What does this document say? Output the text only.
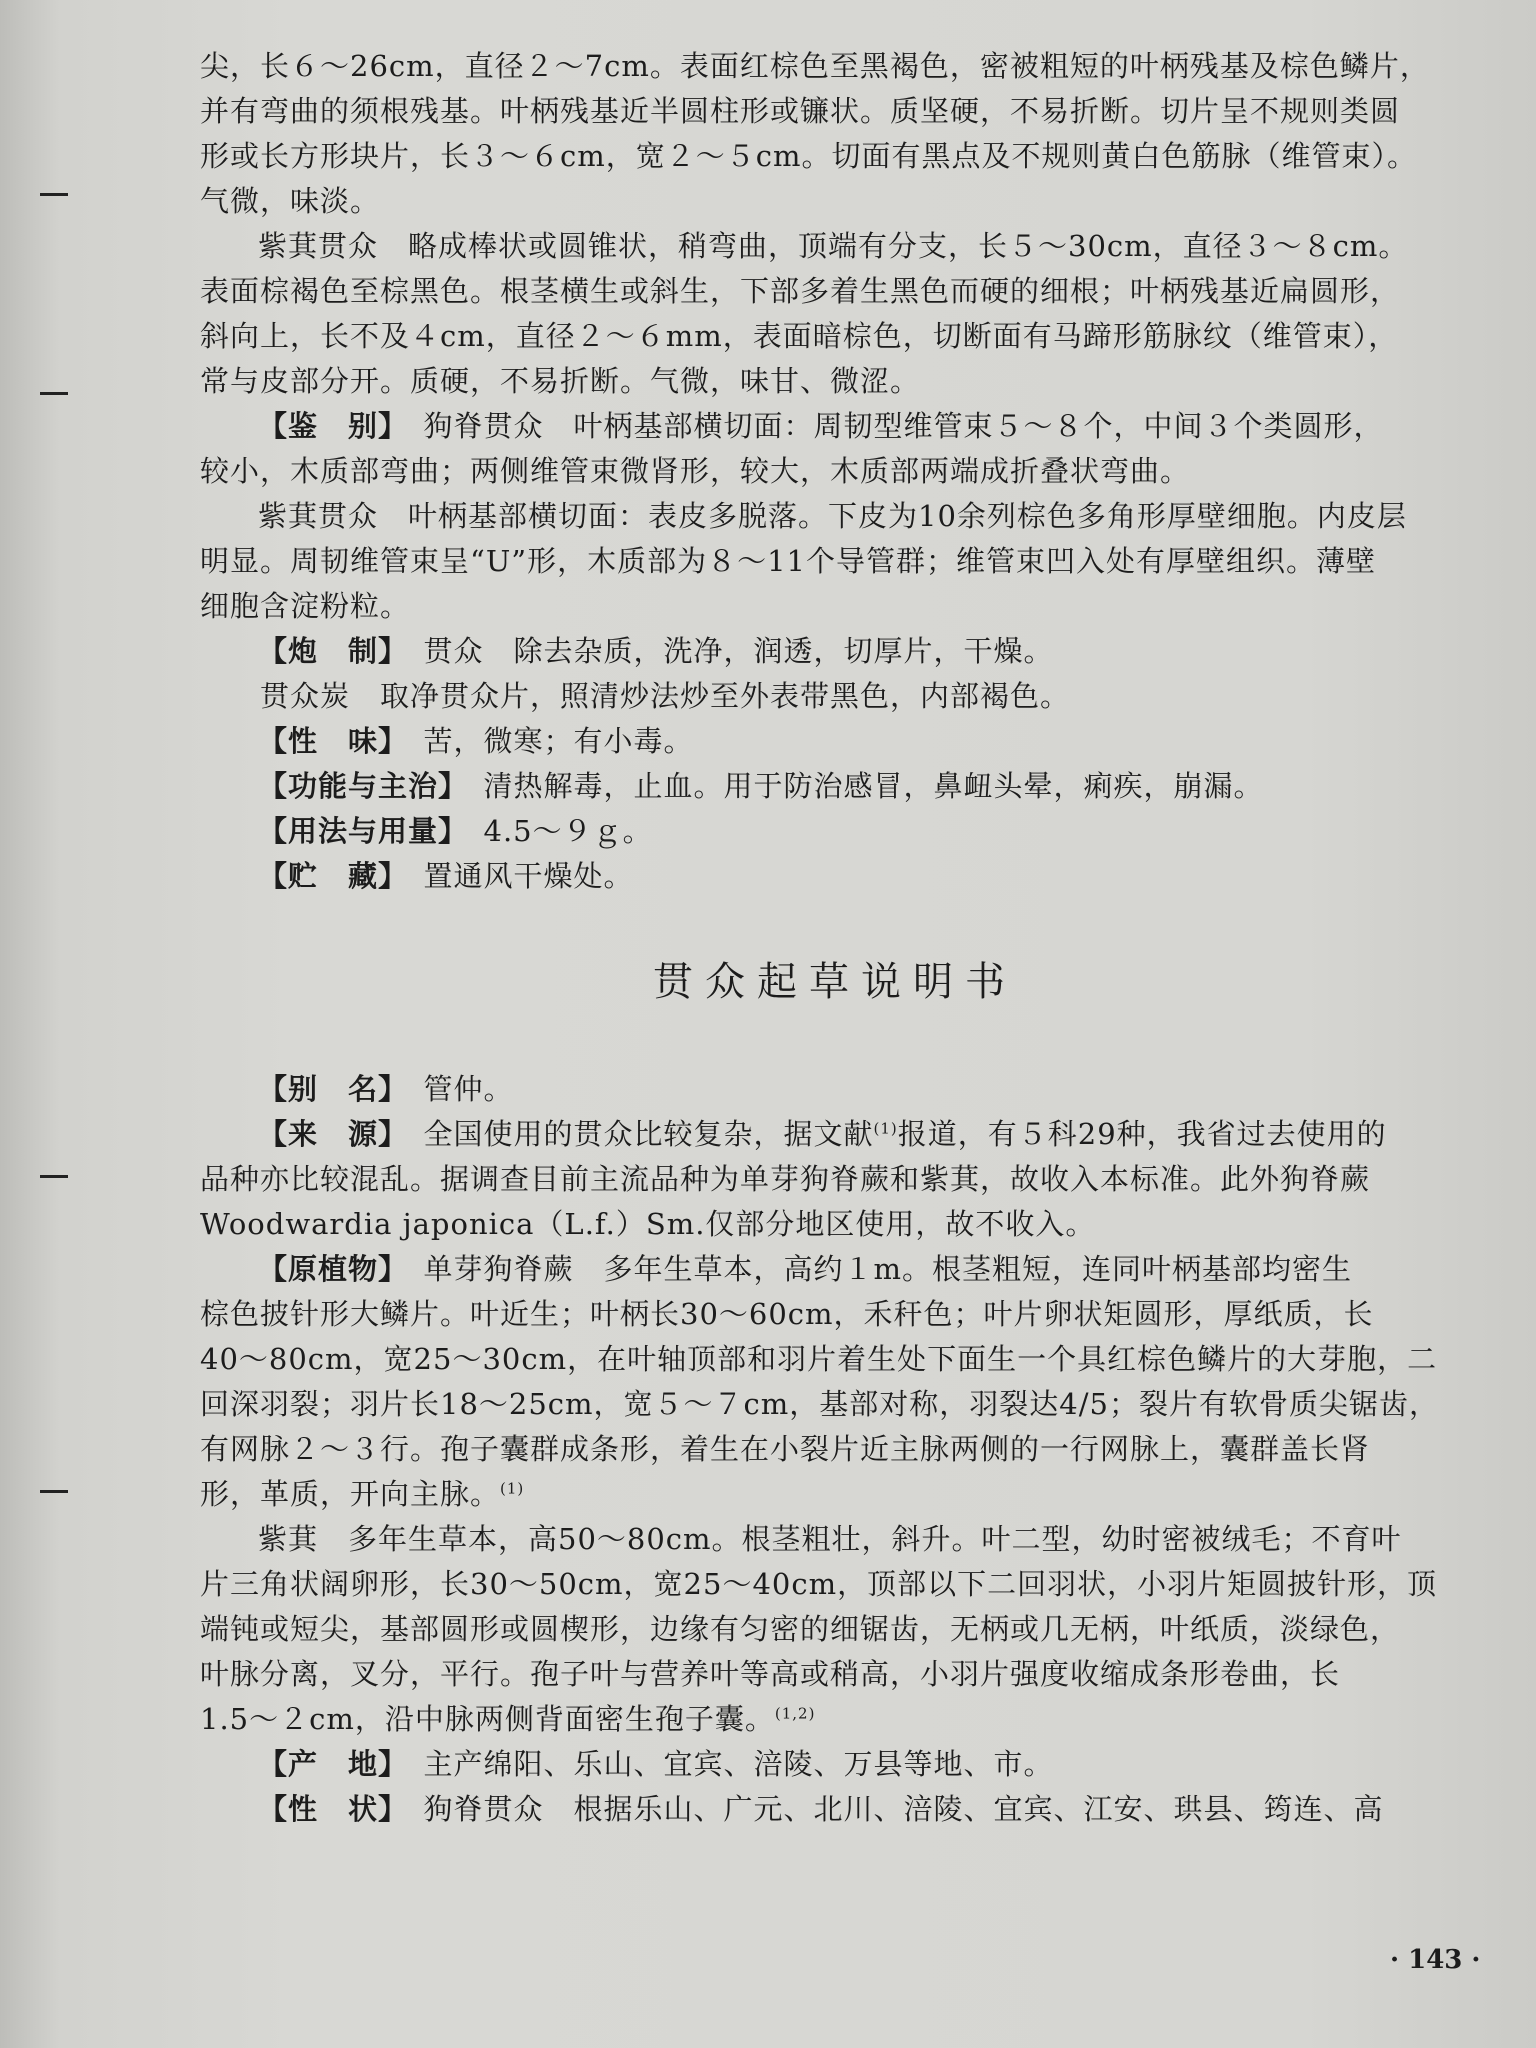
尖，长６～26cm，直径２～7cm。表面红棕色至黑褐色，密被粗短的叶柄残基及棕色鳞片，

并有弯曲的须根残基。叶柄残基近半圆柱形或镰状。质坚硬，不易折断。切片呈不规则类圆

形或长方形块片，长３～６cm，宽２～５cm。切面有黑点及不规则黄白色筋脉（维管束）。

气微，味淡。

紫萁贯众　略成棒状或圆锥状，稍弯曲，顶端有分支，长５～30cm，直径３～８cm。

表面棕褐色至棕黑色。根茎横生或斜生，下部多着生黑色而硬的细根；叶柄残基近扁圆形，

斜向上，长不及４cm，直径２～６mm，表面暗棕色，切断面有马蹄形筋脉纹（维管束），

常与皮部分开。质硬，不易折断。气微，味甘、微涩。

【鉴　别】　狗脊贯众　叶柄基部横切面：周韧型维管束５～８个，中间３个类圆形，

较小，木质部弯曲；两侧维管束微肾形，较大，木质部两端成折叠状弯曲。

紫萁贯众　叶柄基部横切面：表皮多脱落。下皮为10余列棕色多角形厚壁细胞。内皮层

明显。周韧维管束呈“U”形，木质部为８～11个导管群；维管束凹入处有厚壁组织。薄壁

细胞含淀粉粒。

【炮　制】　贯众　除去杂质，洗净，润透，切厚片，干燥。

贯众炭　取净贯众片，照清炒法炒至外表带黑色，内部褐色。

【性　味】　苦，微寒；有小毒。

【功能与主治】　清热解毒，止血。用于防治感冒，鼻衄头晕，痢疾，崩漏。

【用法与用量】　4.5～９ｇ。

【贮　藏】　置通风干燥处。

贯众起草说明书

【别　名】　管仲。

【来　源】　全国使用的贯众比较复杂，据文献$^{(1)}$报道，有５科29种，我省过去使用的

品种亦比较混乱。据调查目前主流品种为单芽狗脊蕨和紫萁，故收入本标准。此外狗脊蕨

Woodwardia japonica（L.f.）Sm.仅部分地区使用，故不收入。

【原植物】　单芽狗脊蕨　多年生草本，高约１m。根茎粗短，连同叶柄基部均密生

棕色披针形大鳞片。叶近生；叶柄长30～60cm，禾秆色；叶片卵状矩圆形，厚纸质，长

40～80cm，宽25～30cm，在叶轴顶部和羽片着生处下面生一个具红棕色鳞片的大芽胞，二

回深羽裂；羽片长18～25cm，宽５～７cm，基部对称，羽裂达4/5；裂片有软骨质尖锯齿，

有网脉２～３行。孢子囊群成条形，着生在小裂片近主脉两侧的一行网脉上，囊群盖长肾

形，革质，开向主脉。$^{(1)}$

紫萁　多年生草本，高50～80cm。根茎粗壮，斜升。叶二型，幼时密被绒毛；不育叶

片三角状阔卵形，长30～50cm，宽25～40cm，顶部以下二回羽状，小羽片矩圆披针形，顶

端钝或短尖，基部圆形或圆楔形，边缘有匀密的细锯齿，无柄或几无柄，叶纸质，淡绿色，

叶脉分离，叉分，平行。孢子叶与营养叶等高或稍高，小羽片强度收缩成条形卷曲，长

1.5～２cm，沿中脉两侧背面密生孢子囊。$^{(1,2)}$

【产　地】　主产绵阳、乐山、宜宾、涪陵、万县等地、市。

【性　状】　狗脊贯众　根据乐山、广元、北川、涪陵、宜宾、江安、珙县、筠连、高

· 143 ·
